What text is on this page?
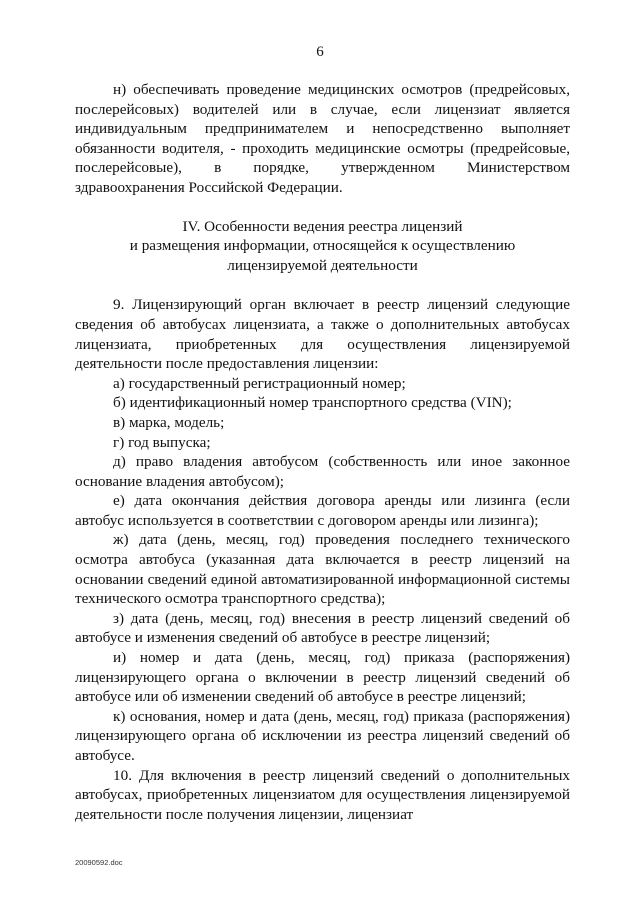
6

н) обеспечивать проведение медицинских осмотров (предрейсовых, послерейсовых) водителей или в случае, если лицензиат является индивидуальным предпринимателем и непосредственно выполняет обязанности водителя, - проходить медицинские осмотры (предрейсовые, послерейсовые), в порядке, утвержденном Министерством здравоохранения Российской Федерации.

IV. Особенности ведения реестра лицензий
и размещения информации, относящейся к осуществлению
лицензируемой деятельности

9. Лицензирующий орган включает в реестр лицензий следующие сведения об автобусах лицензиата, а также о дополнительных автобусах лицензиата, приобретенных для осуществления лицензируемой деятельности после предоставления лицензии:

а) государственный регистрационный номер;

б) идентификационный номер транспортного средства (VIN);

в) марка, модель;

г) год выпуска;

д) право владения автобусом (собственность или иное законное основание владения автобусом);

е) дата окончания действия договора аренды или лизинга (если автобус используется в соответствии с договором аренды или лизинга);

ж) дата (день, месяц, год) проведения последнего технического осмотра автобуса (указанная дата включается в реестр лицензий на основании сведений единой автоматизированной информационной системы технического осмотра транспортного средства);

з) дата (день, месяц, год) внесения в реестр лицензий сведений об автобусе и изменения сведений об автобусе в реестре лицензий;

и) номер и дата (день, месяц, год) приказа (распоряжения) лицензирующего органа о включении в реестр лицензий сведений об автобусе или об изменении сведений об автобусе в реестре лицензий;

к) основания, номер и дата (день, месяц, год) приказа (распоряжения) лицензирующего органа об исключении из реестра лицензий сведений об автобусе.

10. Для включения в реестр лицензий сведений о дополнительных автобусах, приобретенных лицензиатом для осуществления лицензируемой деятельности после получения лицензии, лицензиат

20090592.doc
